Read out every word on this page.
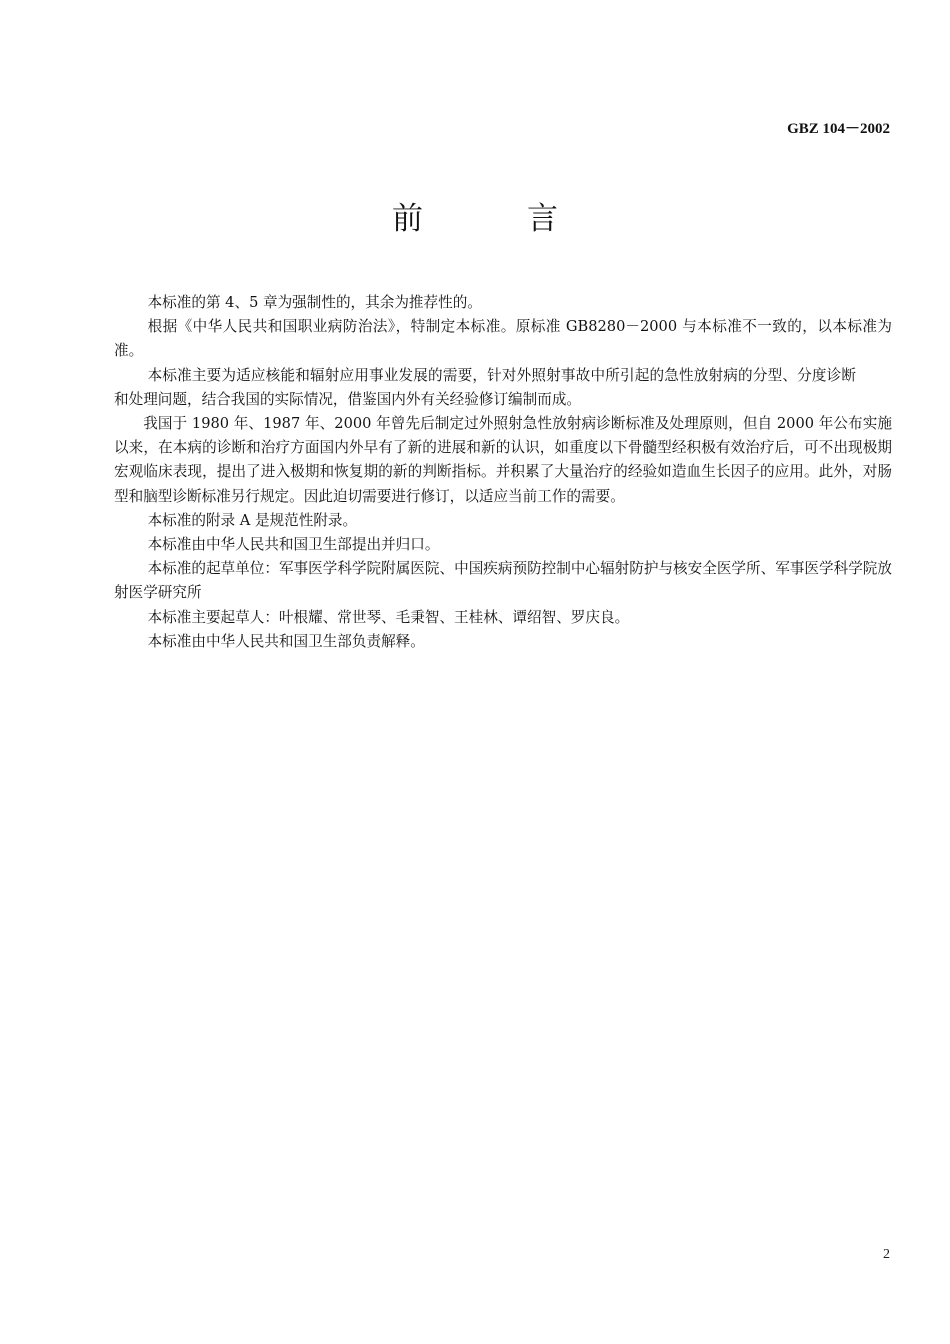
GBZ 104－2002
前	言

本标准的第 4、5 章为强制性的，其余为推荐性的。

根据《中华人民共和国职业病防治法》，特制定本标准。原标准 GB8280－2000 与本标准不一致的，以本标准为准。

本标准主要为适应核能和辐射应用事业发展的需要，针对外照射事故中所引起的急性放射病的分型、分度诊断和处理问题，结合我国的实际情况，借鉴国内外有关经验修订编制而成。

我国于 1980 年、1987 年、2000 年曾先后制定过外照射急性放射病诊断标准及处理原则，但自 2000 年公布实施以来，在本病的诊断和治疗方面国内外早有了新的进展和新的认识，如重度以下骨髓型经积极有效治疗后，可不出现极期宏观临床表现，提出了进入极期和恢复期的新的判断指标。并积累了大量治疗的经验如造血生长因子的应用。此外，对肠型和脑型诊断标准另行规定。因此迫切需要进行修订，以适应当前工作的需要。

本标准的附录 A 是规范性附录。

本标准由中华人民共和国卫生部提出并归口。

本标准的起草单位：军事医学科学院附属医院、中国疾病预防控制中心辐射防护与核安全医学所、军事医学科学院放射医学研究所

本标准主要起草人：叶根耀、常世琴、毛秉智、王桂林、谭绍智、罗庆良。

本标准由中华人民共和国卫生部负责解释。

2
